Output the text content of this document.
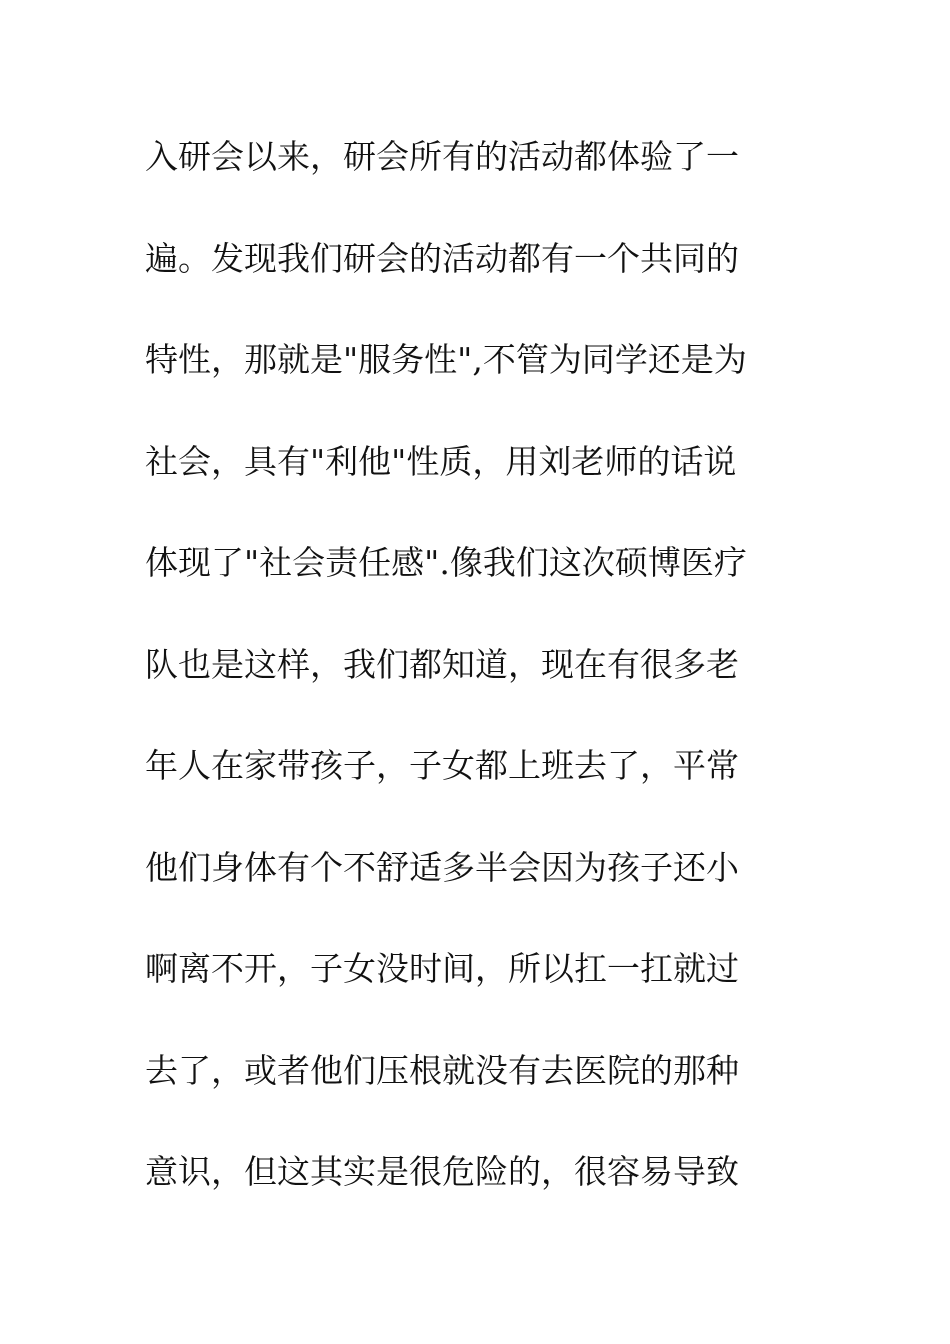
入研会以来，研会所有的活动都体验了一
遍。发现我们研会的活动都有一个共同的
特性，那就是"服务性",不管为同学还是为
社会，具有"利他"性质，用刘老师的话说
体现了"社会责任感".像我们这次硕博医疗
队也是这样，我们都知道，现在有很多老
年人在家带孩子，子女都上班去了，平常
他们身体有个不舒适多半会因为孩子还小
啊离不开，子女没时间，所以扛一扛就过
去了，或者他们压根就没有去医院的那种
意识，但这其实是很危险的，很容易导致
